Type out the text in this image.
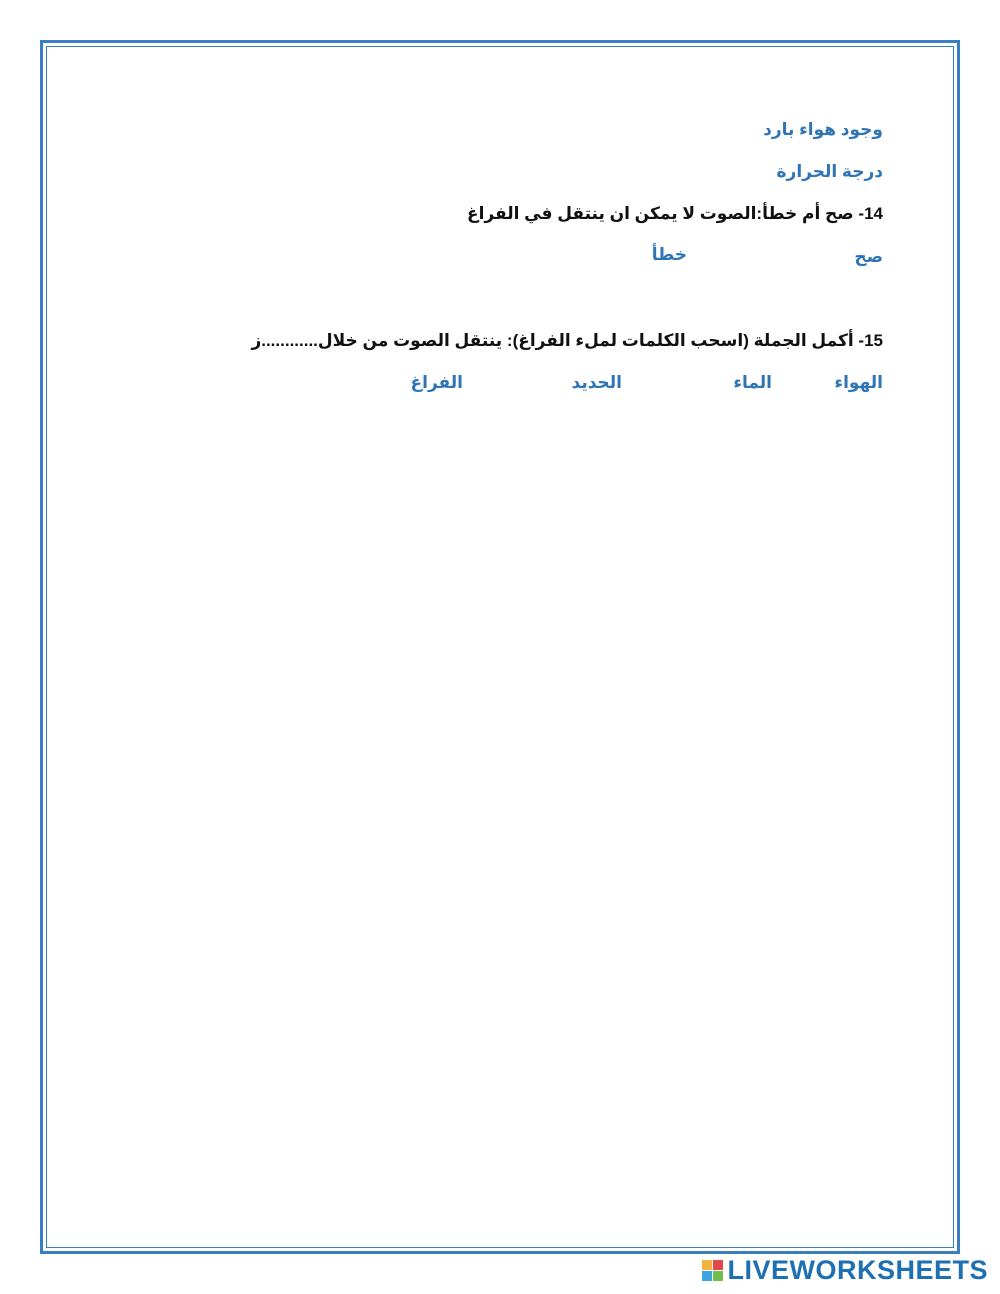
وجود هواء بارد
درجة الحرارة
14- صح أم خطأ:الصوت لا يمكن ان ينتقل في الفراغ
صح
خطأ
15- أكمل الجملة (اسحب الكلمات لملء الفراغ): ينتقل الصوت من خلال............ز
الهواء
الماء
الحديد
الفراغ
LIVEWORKSHEETS
